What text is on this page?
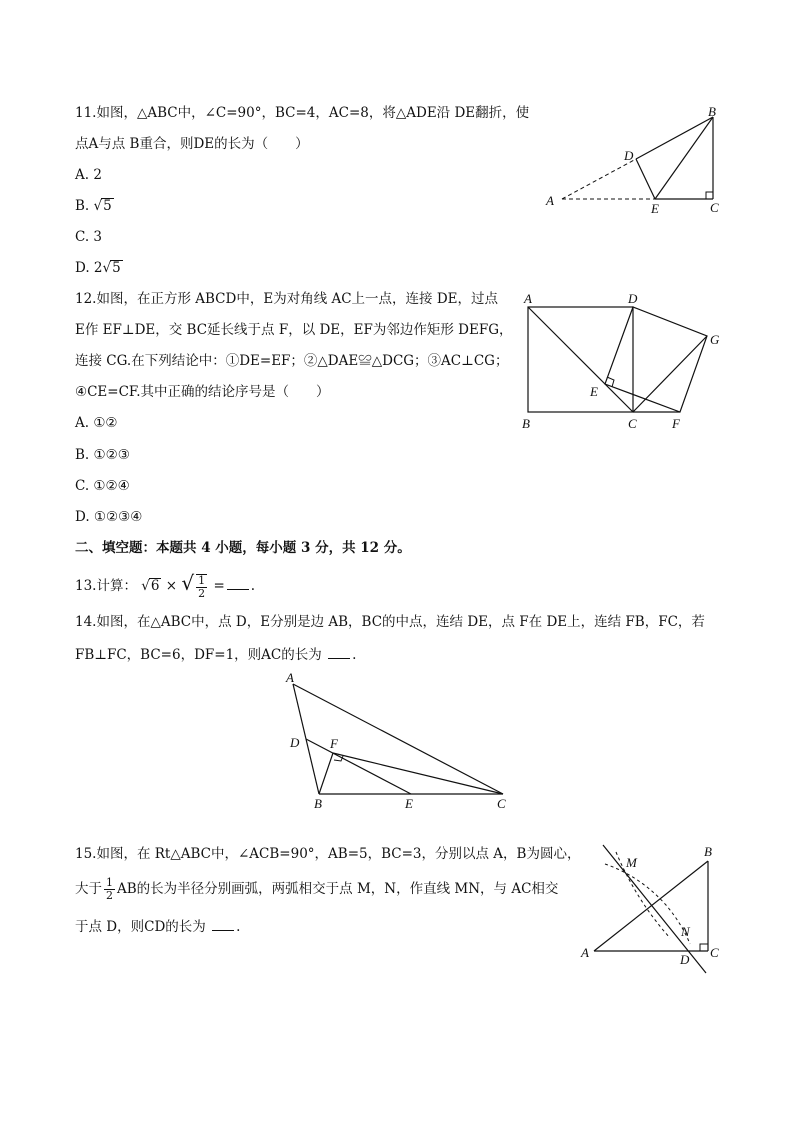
11.如图，△ABC中，∠C=90°，BC=4，AC=8，将△ADE沿 DE翻折，使
点A与点 B重合，则DE的长为（　　）
A. 2
B. √5
C. 3
D. 2√5
A
B
C
D
E
12.如图，在正方形 ABCD中，E为对角线 AC上一点，连接 DE，过点
E作 EF⊥DE，交 BC延长线于点 F，以 DE，EF为邻边作矩形 DEFG，
连接 CG.在下列结论中：①DE=EF；②△DAE≌△DCG；③AC⊥CG；
④CE=CF.其中正确的结论序号是（　　）
A. ①②
B. ①②③
C. ①②④
D. ①②③④
A
B	C
D
E
F
G
二、填空题：本题共 4 小题，每小题 3 分，共 12 分。
13.计算： √6 × √ $\frac{1}{2}$ = .
14.如图，在△ABC中，点 D，E分别是边 AB，BC的中点，连结 DE，点 F在 DE上，连结 FB，FC，若
FB⊥FC，BC=6，DF=1，则AC的长为 .
A
B	C
D
E
F
15.如图，在 Rt△ABC中，∠ACB=90°，AB=5，BC=3，分别以点 A，B为圆心，
大于 $\frac{1}{2}$ AB的长为半径分别画弧，两弧相交于点 M，N，作直线 MN，与 AC相交
于点 D，则CD的长为 .
A
B
C
D
M
N
